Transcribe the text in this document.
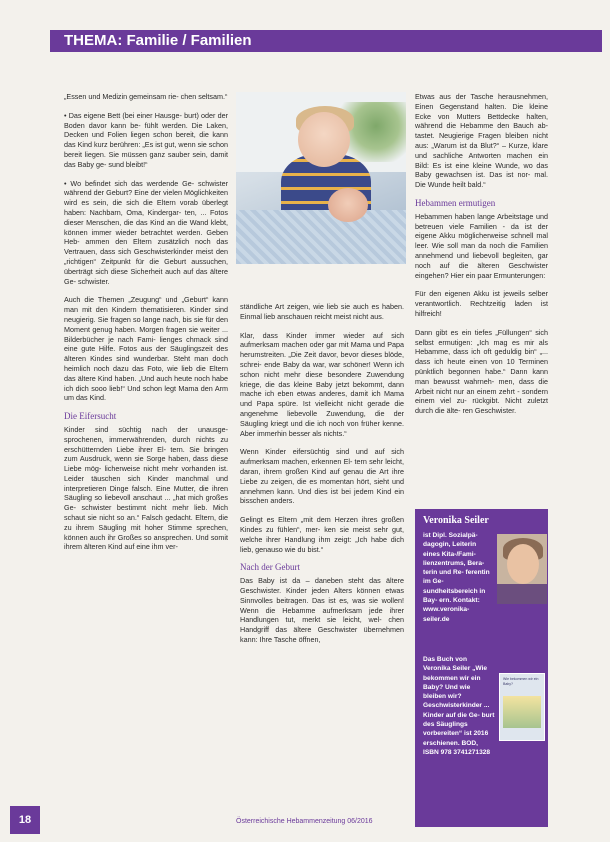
THEMA: Familie / Familien

„Essen und Medizin gemeinsam rie- chen seltsam.“

• Das eigene Bett (bei einer Hausge- burt) oder der Boden davor kann be- fühlt werden. Die Laken, Decken und Folien liegen schon bereit, die kann das Kind kurz berühren: „Es ist gut, wenn sie schon bereit liegen. Sie müssen ganz sauber sein, damit das Baby ge- sund bleibt!“

• Wo befindet sich das werdende Ge- schwister während der Geburt? Eine der vielen Möglichkeiten wird es sein, die sich die Eltern vorab überlegt haben: Nachbarn, Oma, Kindergar- ten, ... Fotos dieser Menschen, die das Kind an die Wand klebt, können immer wieder betrachtet werden. Geben Heb- ammen den Eltern zusätzlich noch das Vertrauen, dass sich Geschwisterkinder meist den „richtigen“ Zeitpunkt für die Geburt aussuchen, überträgt sich diese Sicherheit auch auf das ältere Ge- schwister.

Auch die Themen „Zeugung“ und „Geburt“ kann man mit den Kindern thematisieren. Kinder sind neugierig. Sie fragen so lange nach, bis sie für den Moment genug haben. Morgen fragen sie weiter ... Bilderbücher je nach Fami- lienges chmack sind eine gute Hilfe. Fotos aus der Säuglingszeit des älteren Kindes sind wunderbar. Steht man doch heimlich noch dazu das Foto, wie lieb die Eltern das ältere Kind haben. „Und auch heute noch habe ich dich sooo lieb!“ Und schon legt Mama den Arm um das Kind.

Die Eifersucht

Kinder sind süchtig nach der unausge- sprochenen, immerwährenden, durch nichts zu erschütternden Liebe ihrer El- tern. Sie bringen zum Ausdruck, wenn sie Sorge haben, dass diese Liebe mög- licherweise nicht mehr vorhanden ist. Leider täuschen sich Kinder manchmal und interpretieren Dinge falsch. Eine Mutter, die ihren Säugling so liebevoll anschaut ... „hat mich großes Ge- schwister bestimmt nicht mehr lieb. Mich schaut sie nicht so an.“ Falsch gedacht. Eltern, die zu ihrem Säugling mit hoher Stimme sprechen, können auch ihr Großes so ansprechen. Und somit ihrem älteren Kind auf eine ihm ver-

ständliche Art zeigen, wie lieb sie auch es haben. Einmal lieb anschauen reicht meist nicht aus.

Klar, dass Kinder immer wieder auf sich aufmerksam machen oder gar mit Mama und Papa herumstreiten. „Die Zeit davor, bevor dieses blöde, schrei- ende Baby da war, war schöner! Wenn ich schon nicht mehr diese besondere Zuwendung kriege, die das kleine Baby jetzt bekommt, dann mache ich eben etwas anderes, damit ich Mama und Papa spüre. Ist vielleicht nicht gerade die angenehme liebevolle Zuwendung, die der Säugling kriegt und die ich noch von früher kenne. Aber immerhin besser als nichts.“

Wenn Kinder eifersüchtig sind und auf sich aufmerksam machen, erkennen El- tern sehr leicht, daran, ihrem großen Kind auf genau die Art ihre Liebe zu zeigen, die es momentan hört, sieht und annehmen kann. Und dies ist bei jedem Kind ein bisschen anders.

Gelingt es Eltern „mit dem Herzen ihres großen Kindes zu fühlen“, mer- ken sie meist sehr gut, welche ihrer Handlung ihm zeigt: „Ich habe dich lieb, genauso wie du bist.“

Nach der Geburt

Das Baby ist da – daneben steht das ältere Geschwister. Kinder jeden Alters können etwas Sinnvolles beitragen. Das ist es, was sie wollen! Wenn die Hebamme aufmerksam jede ihrer Handlungen tut, merkt sie leicht, wel- chen Handgriff das ältere Geschwister übernehmen kann: Ihre Tasche öffnen,

Etwas aus der Tasche herausnehmen, Einen Gegenstand halten. Die kleine Ecke von Mutters Bettdecke halten, während die Hebamme den Bauch ab- tastet. Neugierige Fragen bleiben nicht aus: „Warum ist da Blut?“ – Kurze, klare und sachliche Antworten machen ein Bild: Es ist eine kleine Wunde, wo das Baby gewachsen ist. Das ist nor- mal. Die Wunde heilt bald.“

Hebammen ermutigen

Hebammen haben lange Arbeitstage und betreuen viele Familien - da ist der eigene Akku möglicherweise schnell mal leer. Wie soll man da noch die Familien annehmend und liebevoll begleiten, gar noch auf die älteren Geschwister eingehen? Hier ein paar Ermunterungen:

Für den eigenen Akku ist jeweils selber verantwortlich. Rechtzeitig laden ist hilfreich!

Dann gibt es ein tiefes „Füllungen“ sich selbst ermutigen: „Ich mag es mir als Hebamme, dass ich oft geduldig bin“ „... dass ich heute einen von 10 Terminen pünktlich begonnen habe.“ Dann kann man bewusst wahrneh- men, dass die Arbeit nicht nur an einem zehrt - sondern einem viel zu- rückgibt. Nicht zuletzt durch die älte- ren Geschwister.

Veronika Seiler
ist Dipl. Sozialpä- dagogin, Leiterin eines Kita-/Fami- lienzentrums, Bera- terin und Re- ferentin im Ge- sundheitsbereich in Bay- ern. Kontakt: www.veronika-seiler.de
Das Buch von Veronika Seiler „Wie bekommen wir ein Baby? Und wie bleiben wir? Geschwisterkinder ... Kinder auf die Ge- burt des Säuglings vorbereiten“ ist 2016 erschienen. BOD, ISBN 978 3741271328
Wie bekommen wir ein Baby?
18	Österreichische Hebammenzeitung 06/2016
